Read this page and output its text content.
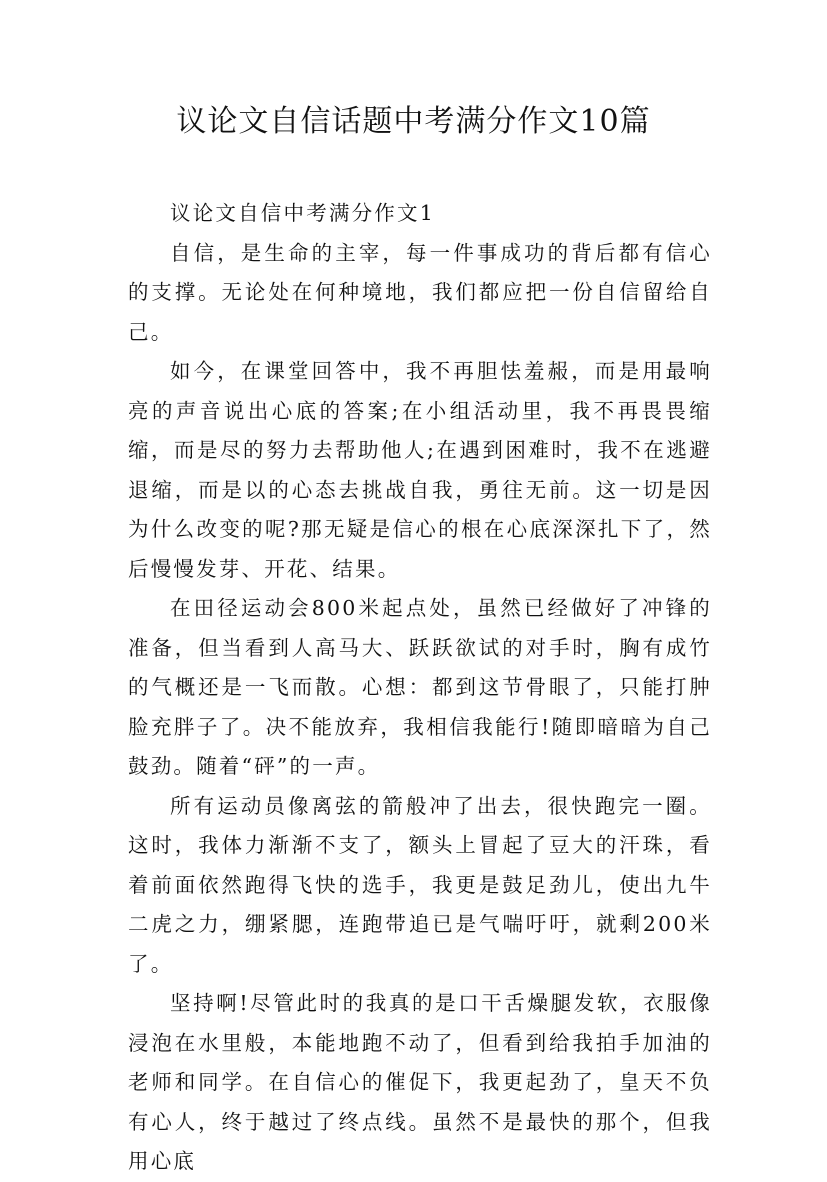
议论文自信话题中考满分作文10篇

议论文自信中考满分作文1

自信，是生命的主宰，每一件事成功的背后都有信心的支撑。无论处在何种境地，我们都应把一份自信留给自己。

如今，在课堂回答中，我不再胆怯羞赧，而是用最响亮的声音说出心底的答案;在小组活动里，我不再畏畏缩缩，而是尽的努力去帮助他人;在遇到困难时，我不在逃避退缩，而是以的心态去挑战自我，勇往无前。这一切是因为什么改变的呢?那无疑是信心的根在心底深深扎下了，然后慢慢发芽、开花、结果。

在田径运动会800米起点处，虽然已经做好了冲锋的准备，但当看到人高马大、跃跃欲试的对手时，胸有成竹的气概还是一飞而散。心想：都到这节骨眼了，只能打肿脸充胖子了。决不能放弃，我相信我能行!随即暗暗为自己鼓劲。随着“砰”的一声。

所有运动员像离弦的箭般冲了出去，很快跑完一圈。这时，我体力渐渐不支了，额头上冒起了豆大的汗珠，看着前面依然跑得飞快的选手，我更是鼓足劲儿，使出九牛二虎之力，绷紧腮，连跑带追已是气喘吁吁，就剩200米了。

坚持啊!尽管此时的我真的是口干舌燥腿发软，衣服像浸泡在水里般，本能地跑不动了，但看到给我拍手加油的老师和同学。在自信心的催促下，我更起劲了，皇天不负有心人，终于越过了终点线。虽然不是最快的那个，但我用心底
